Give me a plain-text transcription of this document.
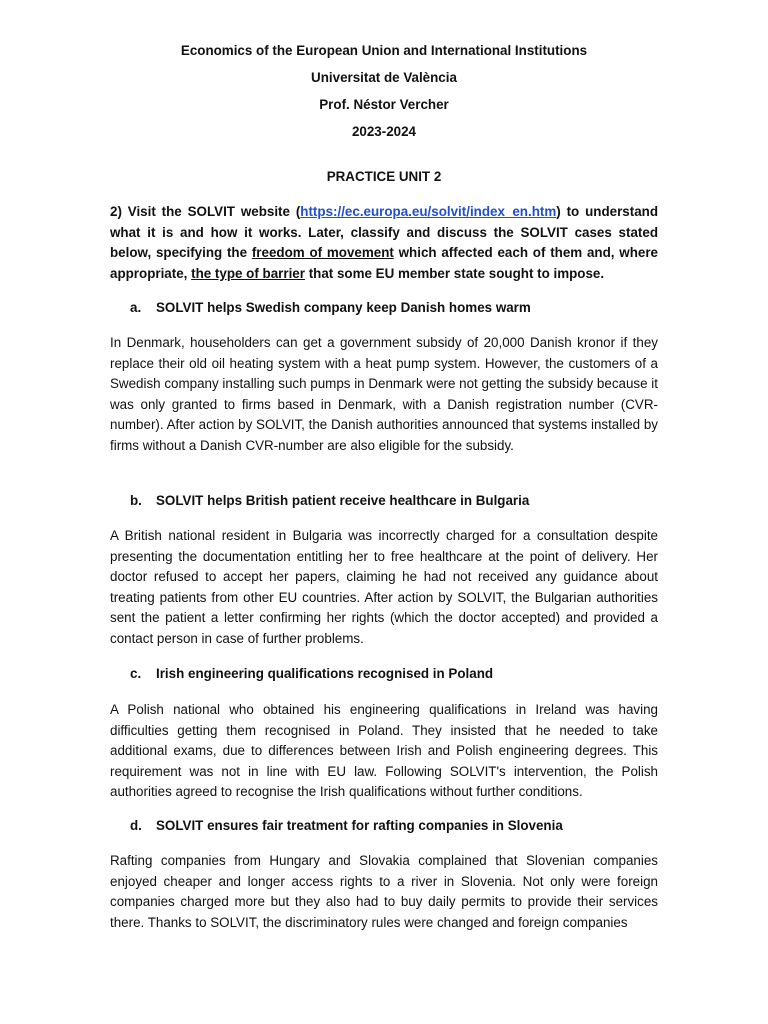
Economics of the European Union and International Institutions

Universitat de València

Prof. Néstor Vercher

2023-2024

PRACTICE UNIT 2

2) Visit the SOLVIT website (https://ec.europa.eu/solvit/index_en.htm) to understand what it is and how it works. Later, classify and discuss the SOLVIT cases stated below, specifying the freedom of movement which affected each of them and, where appropriate, the type of barrier that some EU member state sought to impose.

a. SOLVIT helps Swedish company keep Danish homes warm

In Denmark, householders can get a government subsidy of 20,000 Danish kronor if they replace their old oil heating system with a heat pump system. However, the customers of a Swedish company installing such pumps in Denmark were not getting the subsidy because it was only granted to firms based in Denmark, with a Danish registration number (CVR-number). After action by SOLVIT, the Danish authorities announced that systems installed by firms without a Danish CVR-number are also eligible for the subsidy.

b. SOLVIT helps British patient receive healthcare in Bulgaria

A British national resident in Bulgaria was incorrectly charged for a consultation despite presenting the documentation entitling her to free healthcare at the point of delivery. Her doctor refused to accept her papers, claiming he had not received any guidance about treating patients from other EU countries. After action by SOLVIT, the Bulgarian authorities sent the patient a letter confirming her rights (which the doctor accepted) and provided a contact person in case of further problems.

c. Irish engineering qualifications recognised in Poland

A Polish national who obtained his engineering qualifications in Ireland was having difficulties getting them recognised in Poland. They insisted that he needed to take additional exams, due to differences between Irish and Polish engineering degrees. This requirement was not in line with EU law. Following SOLVIT's intervention, the Polish authorities agreed to recognise the Irish qualifications without further conditions.

d. SOLVIT ensures fair treatment for rafting companies in Slovenia

Rafting companies from Hungary and Slovakia complained that Slovenian companies enjoyed cheaper and longer access rights to a river in Slovenia. Not only were foreign companies charged more but they also had to buy daily permits to provide their services there. Thanks to SOLVIT, the discriminatory rules were changed and foreign companies
